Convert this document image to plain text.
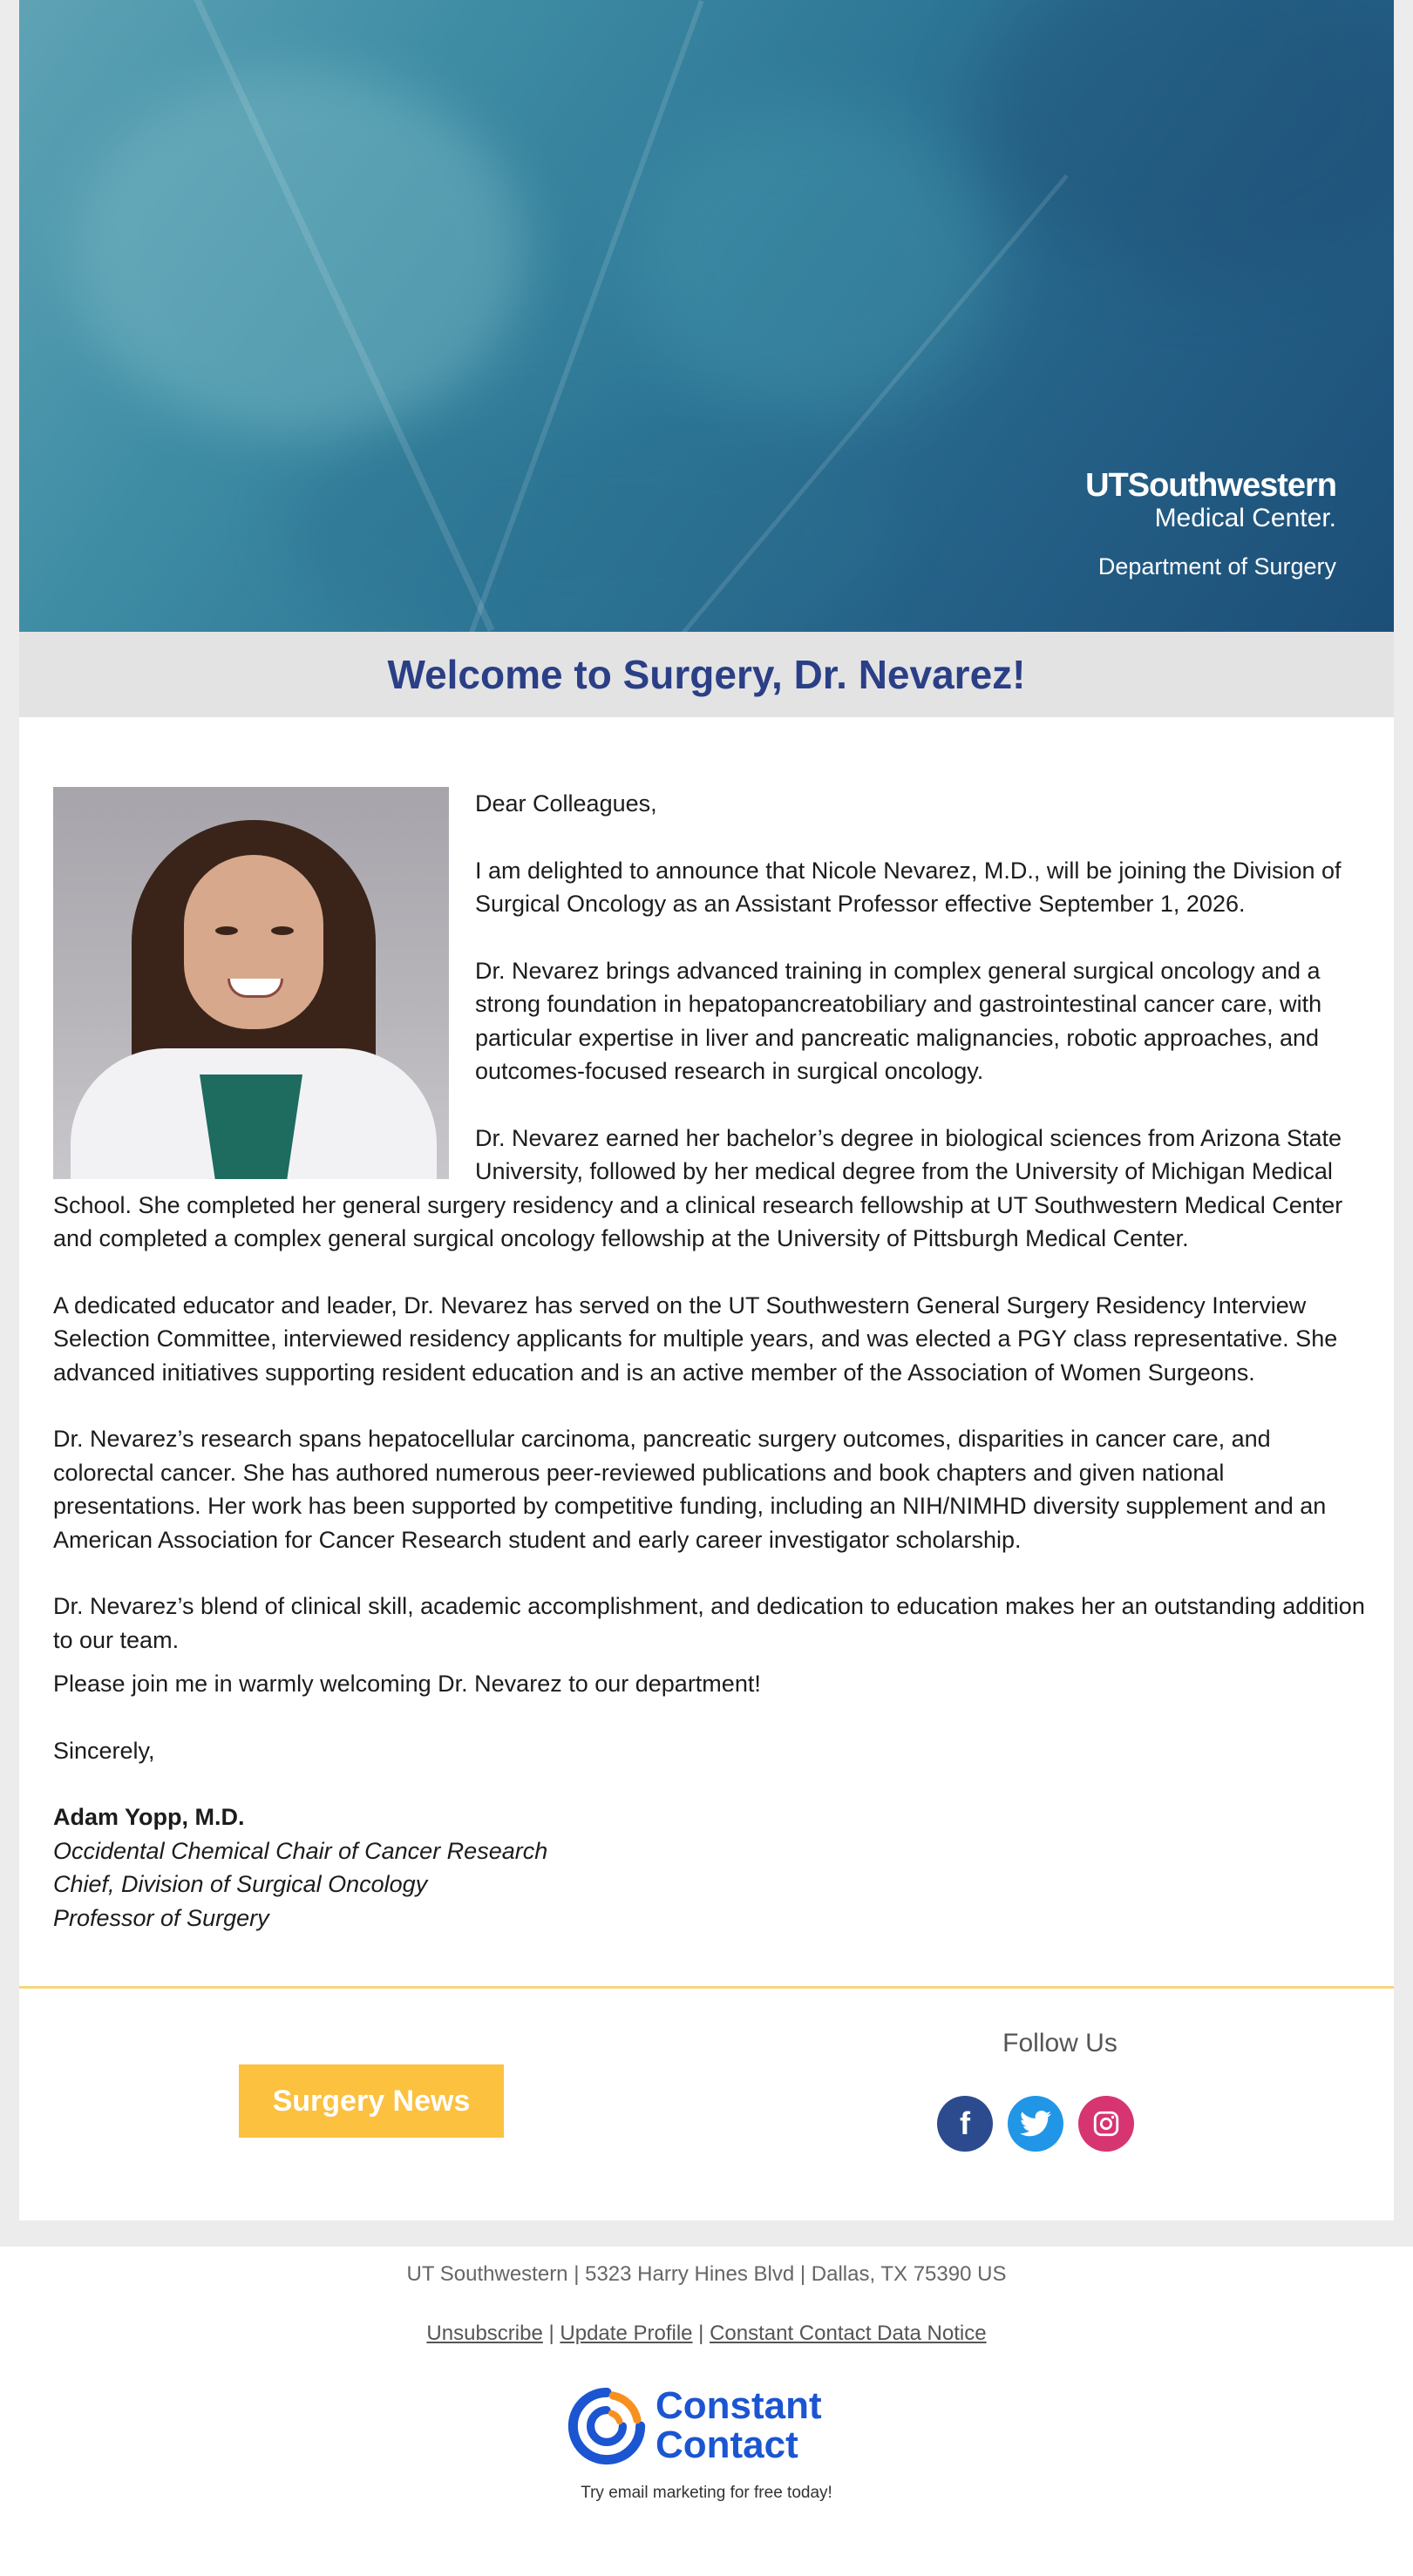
UTSouthwestern
Medical Center.
Department of Surgery
Welcome to Surgery, Dr. Nevarez!

Dear Colleagues,

I am delighted to announce that Nicole Nevarez, M.D., will be joining the Division of Surgical Oncology as an Assistant Professor effective September 1, 2026.

Dr. Nevarez brings advanced training in complex general surgical oncology and a strong foundation in hepatopancreatobiliary and gastrointestinal cancer care, with particular expertise in liver and pancreatic malignancies, robotic approaches, and outcomes-focused research in surgical oncology.

Dr. Nevarez earned her bachelor’s degree in biological sciences from Arizona State University, followed by her medical degree from the University of Michigan Medical School. She completed her general surgery residency and a clinical research fellowship at UT Southwestern Medical Center and completed a complex general surgical oncology fellowship at the University of Pittsburgh Medical Center.

A dedicated educator and leader, Dr. Nevarez has served on the UT Southwestern General Surgery Residency Interview Selection Committee, interviewed residency applicants for multiple years, and was elected a PGY class representative. She advanced initiatives supporting resident education and is an active member of the Association of Women Surgeons.

Dr. Nevarez’s research spans hepatocellular carcinoma, pancreatic surgery outcomes, disparities in cancer care, and colorectal cancer. She has authored numerous peer-reviewed publications and book chapters and given national presentations. Her work has been supported by competitive funding, including an NIH/NIMHD diversity supplement and an American Association for Cancer Research student and early career investigator scholarship.

Dr. Nevarez’s blend of clinical skill, academic accomplishment, and dedication to education makes her an outstanding addition to our team.

Please join me in warmly welcoming Dr. Nevarez to our department!

Sincerely,

Adam Yopp, M.D.

Occidental Chemical Chair of Cancer Research

Chief, Division of Surgical Oncology

Professor of Surgery

Surgery News
Follow Us
f
UT Southwestern | 5323 Harry Hines Blvd | Dallas, TX 75390 US
Unsubscribe | Update Profile | Constant Contact Data Notice
Constant
Contact
Try email marketing for free today!
